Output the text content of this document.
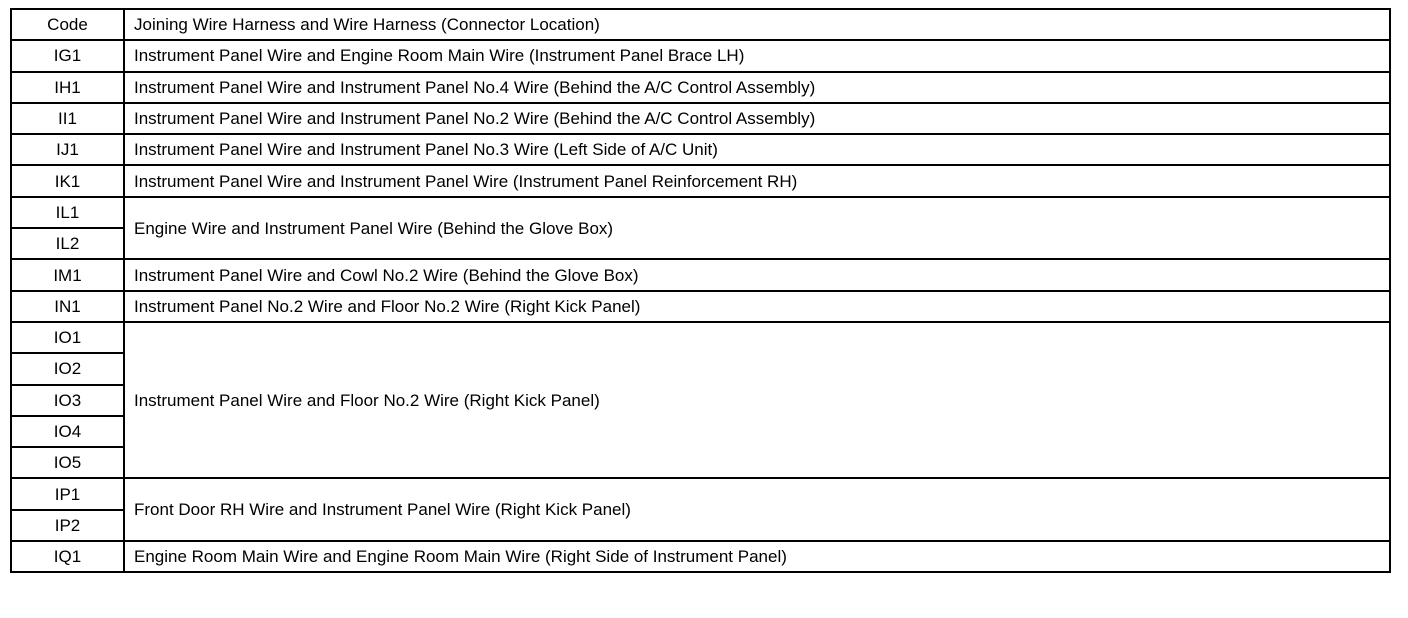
Code	Joining Wire Harness and Wire Harness (Connector Location)
IG1	Instrument Panel Wire and Engine Room Main Wire (Instrument Panel Brace LH)
IH1	Instrument Panel Wire and Instrument Panel No.4 Wire (Behind the A/C Control Assembly)
II1	Instrument Panel Wire and Instrument Panel No.2 Wire (Behind the A/C Control Assembly)
IJ1	Instrument Panel Wire and Instrument Panel No.3 Wire (Left Side of A/C Unit)
IK1	Instrument Panel Wire and Instrument Panel Wire (Instrument Panel Reinforcement RH)
IL1	Engine Wire and Instrument Panel Wire (Behind the Glove Box)
IL2	
IM1	Instrument Panel Wire and Cowl No.2 Wire (Behind the Glove Box)
IN1	Instrument Panel No.2 Wire and Floor No.2 Wire (Right Kick Panel)
IO1	Instrument Panel Wire and Floor No.2 Wire (Right Kick Panel)
IO2	
IO3	
IO4	
IO5	
IP1	Front Door RH Wire and Instrument Panel Wire (Right Kick Panel)
IP2	
IQ1	Engine Room Main Wire and Engine Room Main Wire (Right Side of Instrument Panel)
